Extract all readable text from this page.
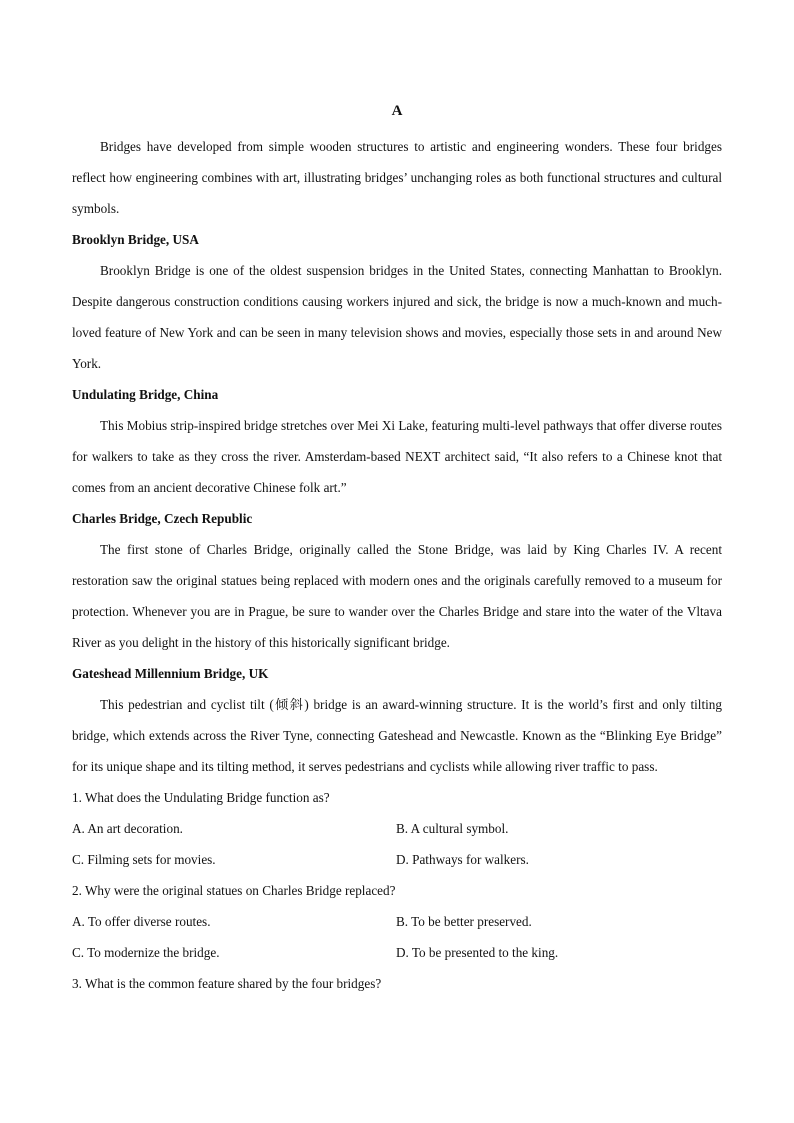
A

Bridges have developed from simple wooden structures to artistic and engineering wonders. These four bridges reflect how engineering combines with art, illustrating bridges’ unchanging roles as both functional structures and cultural symbols.

Brooklyn Bridge, USA

Brooklyn Bridge is one of the oldest suspension bridges in the United States, connecting Manhattan to Brooklyn. Despite dangerous construction conditions causing workers injured and sick, the bridge is now a much-known and much-loved feature of New York and can be seen in many television shows and movies, especially those sets in and around New York.

Undulating Bridge, China

This Mobius strip-inspired bridge stretches over Mei Xi Lake, featuring multi-level pathways that offer diverse routes for walkers to take as they cross the river. Amsterdam-based NEXT architect said, “It also refers to a Chinese knot that comes from an ancient decorative Chinese folk art.”

Charles Bridge, Czech Republic

The first stone of Charles Bridge, originally called the Stone Bridge, was laid by King Charles IV. A recent restoration saw the original statues being replaced with modern ones and the originals carefully removed to a museum for protection. Whenever you are in Prague, be sure to wander over the Charles Bridge and stare into the water of the Vltava River as you delight in the history of this historically significant bridge.

Gateshead Millennium Bridge, UK

This pedestrian and cyclist tilt (倾斜) bridge is an award-winning structure. It is the world’s first and only tilting bridge, which extends across the River Tyne, connecting Gateshead and Newcastle. Known as the “Blinking Eye Bridge” for its unique shape and its tilting method, it serves pedestrians and cyclists while allowing river traffic to pass.

1. What does the Undulating Bridge function as?
A. An art decoration.	B. A cultural symbol.
C. Filming sets for movies.	D. Pathways for walkers.
2. Why were the original statues on Charles Bridge replaced?
A. To offer diverse routes.	B. To be better preserved.
C. To modernize the bridge.	D. To be presented to the king.
3. What is the common feature shared by the four bridges?
